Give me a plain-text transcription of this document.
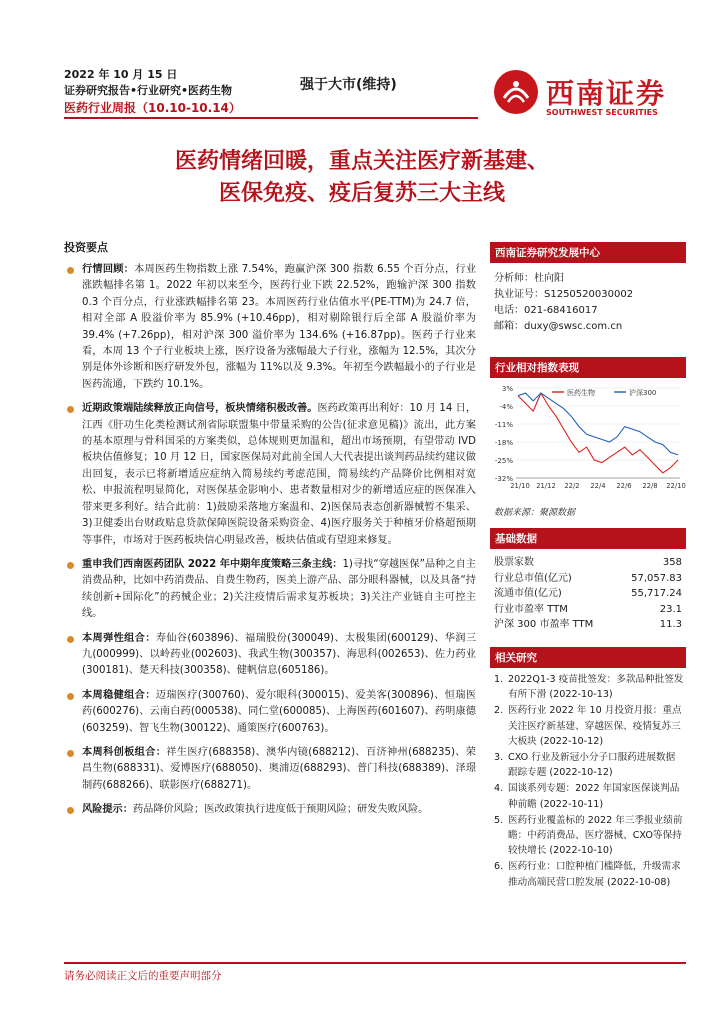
2022 年 10 月 15 日
证券研究报告•行业研究•医药生物
医药行业周报（10.10-10.14）
强于大市(维持)	西南证券
SOUTHWEST SECURITIES
医药情绪回暖，重点关注医疗新基建、
医保免疫、疫后复苏三大主线
投资要点
行情回顾：本周医药生物指数上涨 7.54%，跑赢沪深 300 指数 6.55 个百分点，行业涨跌幅排名第 1。2022 年初以来至今，医药行业下跌 22.52%，跑输沪深 300 指数 0.3 个百分点，行业涨跌幅排名第 23。本周医药行业估值水平(PE-TTM)为 24.7 倍，相对全部 A 股溢价率为 85.9% (+10.46pp)，相对剔除银行后全部 A 股溢价率为 39.4% (+7.26pp)，相对沪深 300 溢价率为 134.6% (+16.87pp)。医药子行业来看，本周 13 个子行业板块上涨，医疗设备为涨幅最大子行业，涨幅为 12.5%，其次分别是体外诊断和医疗研发外包，涨幅为 11%以及 9.3%。年初至今跌幅最小的子行业是医药流通，下跌约 10.1%。
近期政策端陆续释放正向信号，板块情绪积极改善。医药政策再出利好：10 月 14 日，江西《肝功生化类检测试剂省际联盟集中带量采购的公告(征求意见稿)》流出，此方案的基本原理与骨科国采的方案类似，总体规则更加温和，超出市场预期，有望带动 IVD 板块估值修复；10 月 12 日，国家医保局对此前全国人大代表提出谈判药品续约建议做出回复，表示已将新增适应症纳入简易续约考虑范围，简易续约产品降价比例相对宽松、申报流程明显简化，对医保基金影响小、患者数量相对少的新增适应症的医保准入带来更多利好。结合此前：1)鼓励采落地方案温和、2)医保局表态创新器械暂不集采、3)卫健委出台财政贴息贷款保障医院设备采购资金、4)医疗服务关于种植牙价格超预期等事件，市场对于医药板块信心明显改善，板块估值或有望迎来修复。
重申我们西南医药团队 2022 年中期年度策略三条主线：1)寻找“穿越医保”品种之自主消费品种，比如中药消费品、自费生物药，医美上游产品、部分眼科器械，以及具备“持续创新+国际化”的药械企业；2)关注疫情后需求复苏板块；3)关注产业链自主可控主线。
本周弹性组合：寿仙谷(603896)、福瑞股份(300049)、太极集团(600129)、华润三九(000999)、以岭药业(002603)、我武生物(300357)、海思科(002653)、佐力药业(300181)、楚天科技(300358)、健帆信息(605186)。
本周稳健组合：迈瑞医疗(300760)、爱尔眼科(300015)、爱美客(300896)、恒瑞医药(600276)、云南白药(000538)、同仁堂(600085)、上海医药(601607)、药明康德(603259)、智飞生物(300122)、通策医疗(600763)。
本周科创板组合：祥生医疗(688358)、澳华内镜(688212)、百济神州(688235)、荣昌生物(688331)、爱博医疗(688050)、奥浦迈(688293)、普门科技(688389)、泽璟制药(688266)、联影医疗(688271)。
风险提示：药品降价风险；医改政策执行进度低于预期风险；研发失败风险。
西南证券研究发展中心
分析师：杜向阳
执业证号：S1250520030002
电话：021-68416017
邮箱：duxy@swsc.com.cn
行业相对指数表现
3%
-4%
-11%
-18%
-25%
-32%
21/10 21/12 22/2 22/4 22/6 22/8 22/10
医药生物	沪深300
数据来源：聚源数据
基础数据
股票家数	358
行业总市值(亿元)	57,057.83
流通市值(亿元)	55,717.24
行业市盈率 TTM	23.1
沪深 300 市盈率 TTM	11.3
相关研究
1. 2022Q1-3 疫苗批签发：多款品种批签发有所下滑 (2022-10-13)
2. 医药行业 2022 年 10 月投资月报：重点关注医疗新基建、穿越医保、疫情复苏三大板块 (2022-10-12)
3. CXO 行业及新冠小分子口服药进展数据跟踪专题 (2022-10-12)
4. 国谈系列专题：2022 年国家医保谈判品种前瞻 (2022-10-11)
5. 医药行业覆盖标的 2022 年三季报业绩前瞻：中药消费品、医疗器械、CXO等保持较快增长 (2022-10-10)
6. 医药行业：口腔种植门槛降低，升级需求推动高端民营口腔发展 (2022-10-08)
请务必阅读正文后的重要声明部分
